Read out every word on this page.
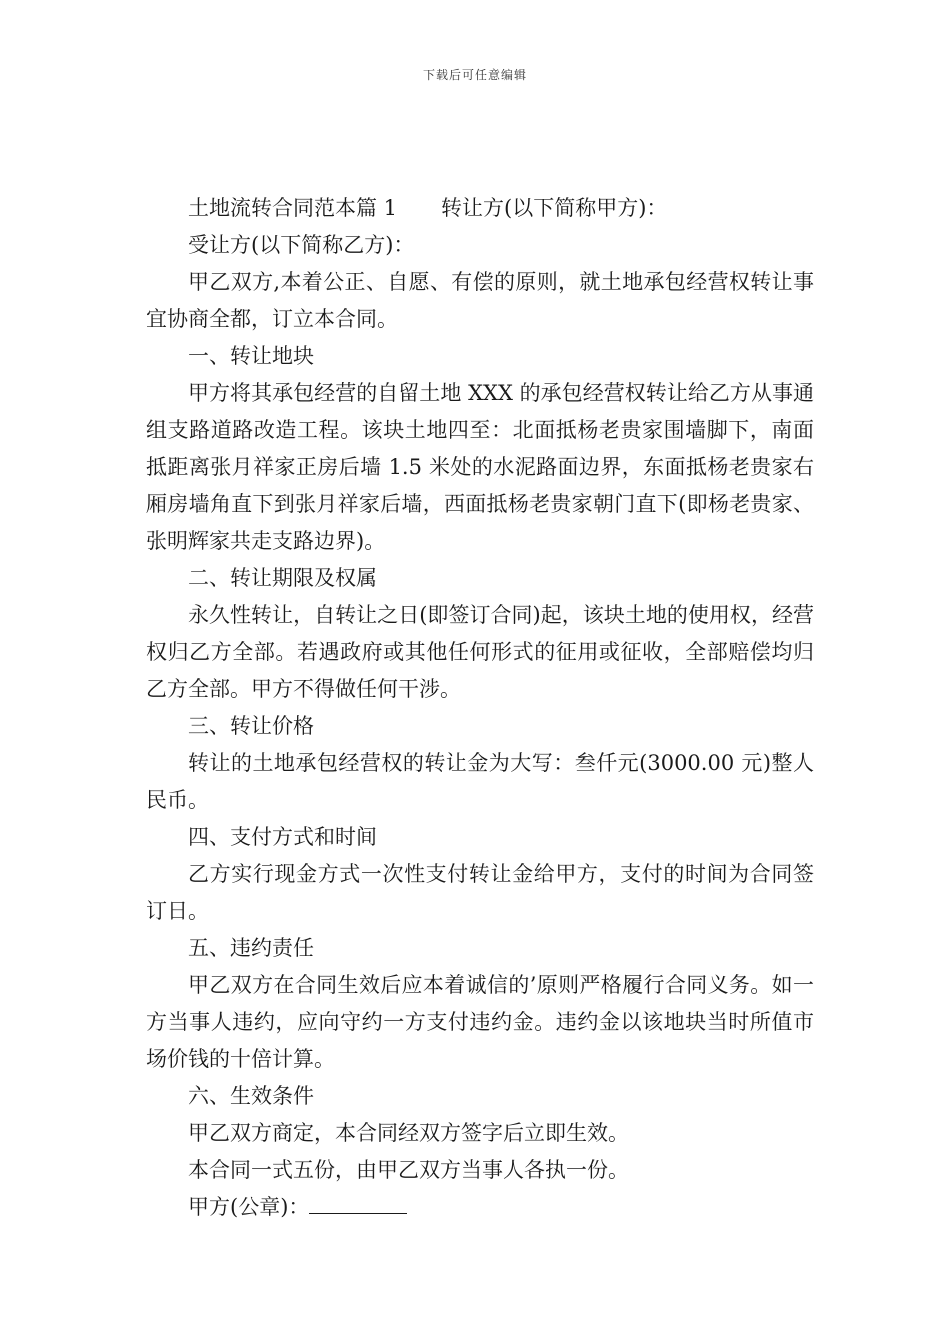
下载后可任意编辑

土地流转合同范本篇 1 转让方(以下简称甲方)：

受让方(以下简称乙方)：

甲乙双方,本着公正、自愿、有偿的原则，就土地承包经营权转让事宜协商全都，订立本合同。

一、转让地块

甲方将其承包经营的自留土地 XXX 的承包经营权转让给乙方从事通组支路道路改造工程。该块土地四至：北面抵杨老贵家围墙脚下，南面抵距离张月祥家正房后墙 1.5 米处的水泥路面边界，东面抵杨老贵家右厢房墙角直下到张月祥家后墙，西面抵杨老贵家朝门直下(即杨老贵家、张明辉家共走支路边界)。

二、转让期限及权属

永久性转让，自转让之日(即签订合同)起，该块土地的使用权，经营权归乙方全部。若遇政府或其他任何形式的征用或征收，全部赔偿均归乙方全部。甲方不得做任何干涉。

三、转让价格

转让的土地承包经营权的转让金为大写：叁仟元(3000.00 元)整人民币。

四、支付方式和时间

乙方实行现金方式一次性支付转让金给甲方，支付的时间为合同签订日。

五、违约责任

甲乙双方在合同生效后应本着诚信的’原则严格履行合同义务。如一方当事人违约，应向守约一方支付违约金。违约金以该地块当时所值市场价钱的十倍计算。

六、生效条件

甲乙双方商定，本合同经双方签字后立即生效。

本合同一式五份，由甲乙双方当事人各执一份。

甲方(公章)：
